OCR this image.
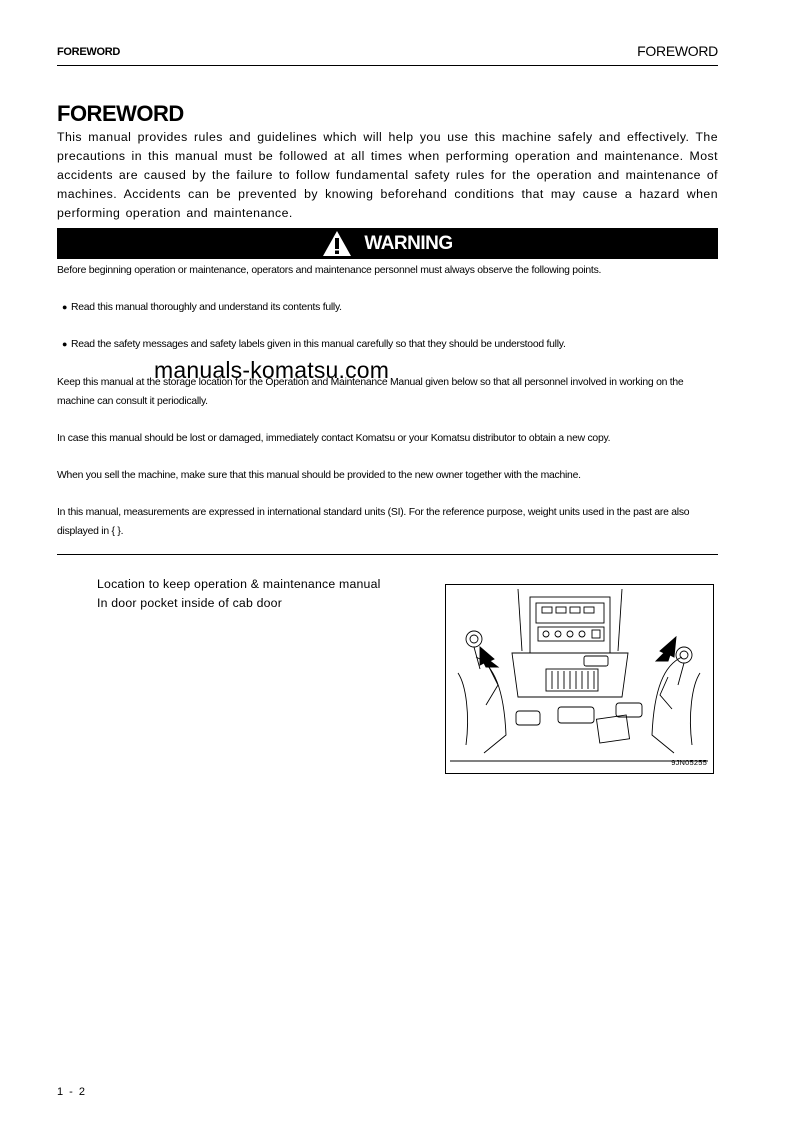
FOREWORD	FOREWORD
FOREWORD

This manual provides rules and guidelines which will help you use this machine safely and effectively. The precautions in this manual must be followed at all times when performing operation and maintenance. Most accidents are caused by the failure to follow fundamental safety rules for the operation and maintenance of machines. Accidents can be prevented by knowing beforehand conditions that may cause a hazard when performing operation and maintenance.

WARNING

Before beginning operation or maintenance, operators and maintenance personnel must always observe the following points.

● Read this manual thoroughly and understand its contents fully.

● Read the safety messages and safety labels given in this manual carefully so that they should be understood fully.

Keep this manual at the storage location for the Operation and Maintenance Manual given below so that all personnel involved in working on the machine can consult it periodically.

In case this manual should be lost or damaged, immediately contact Komatsu or your Komatsu distributor to obtain a new copy.

When you sell the machine, make sure that this manual should be provided to the new owner together with the machine.

In this manual, measurements are expressed in international standard units (SI). For the reference purpose, weight units used in the past are also displayed in { }.

Location to keep operation & maintenance manual

In door pocket inside of cab door

9JN05255
manuals-komatsu.com
1 - 2
